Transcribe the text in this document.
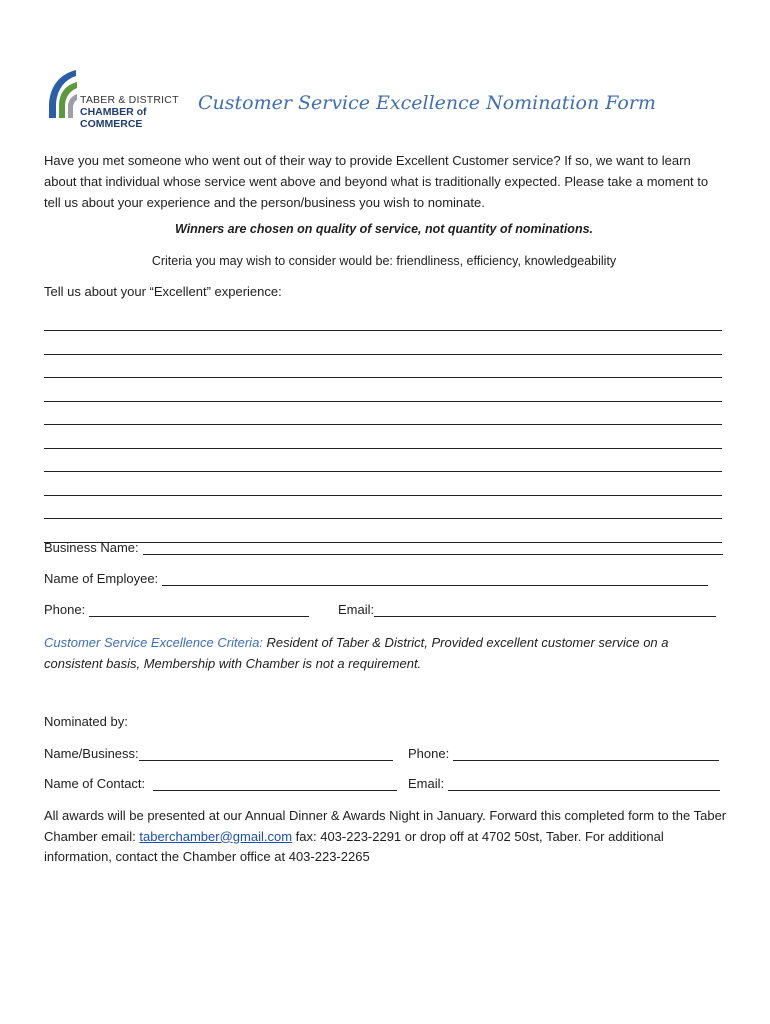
TABER & DISTRICT
CHAMBER of COMMERCE
Customer Service Excellence Nomination Form
Have you met someone who went out of their way to provide Excellent Customer service? If so, we want to learn about that individual whose service went above and beyond what is traditionally expected. Please take a moment to tell us about your experience and the person/business you wish to nominate.
Winners are chosen on quality of service, not quantity of nominations.
Criteria you may wish to consider would be: friendliness, efficiency, knowledgeability
Tell us about your “Excellent” experience:
Business Name:
Name of Employee:
Phone:	Email:
Customer Service Excellence Criteria: Resident of Taber & District, Provided excellent customer service on a consistent basis, Membership with Chamber is not a requirement.
Nominated by:
Name/Business:	Phone:
Name of Contact:	Email:
All awards will be presented at our Annual Dinner & Awards Night in January. Forward this completed form to the Taber Chamber email: taberchamber@gmail.com fax: 403-223-2291 or drop off at 4702 50st, Taber. For additional information, contact the Chamber office at 403-223-2265
